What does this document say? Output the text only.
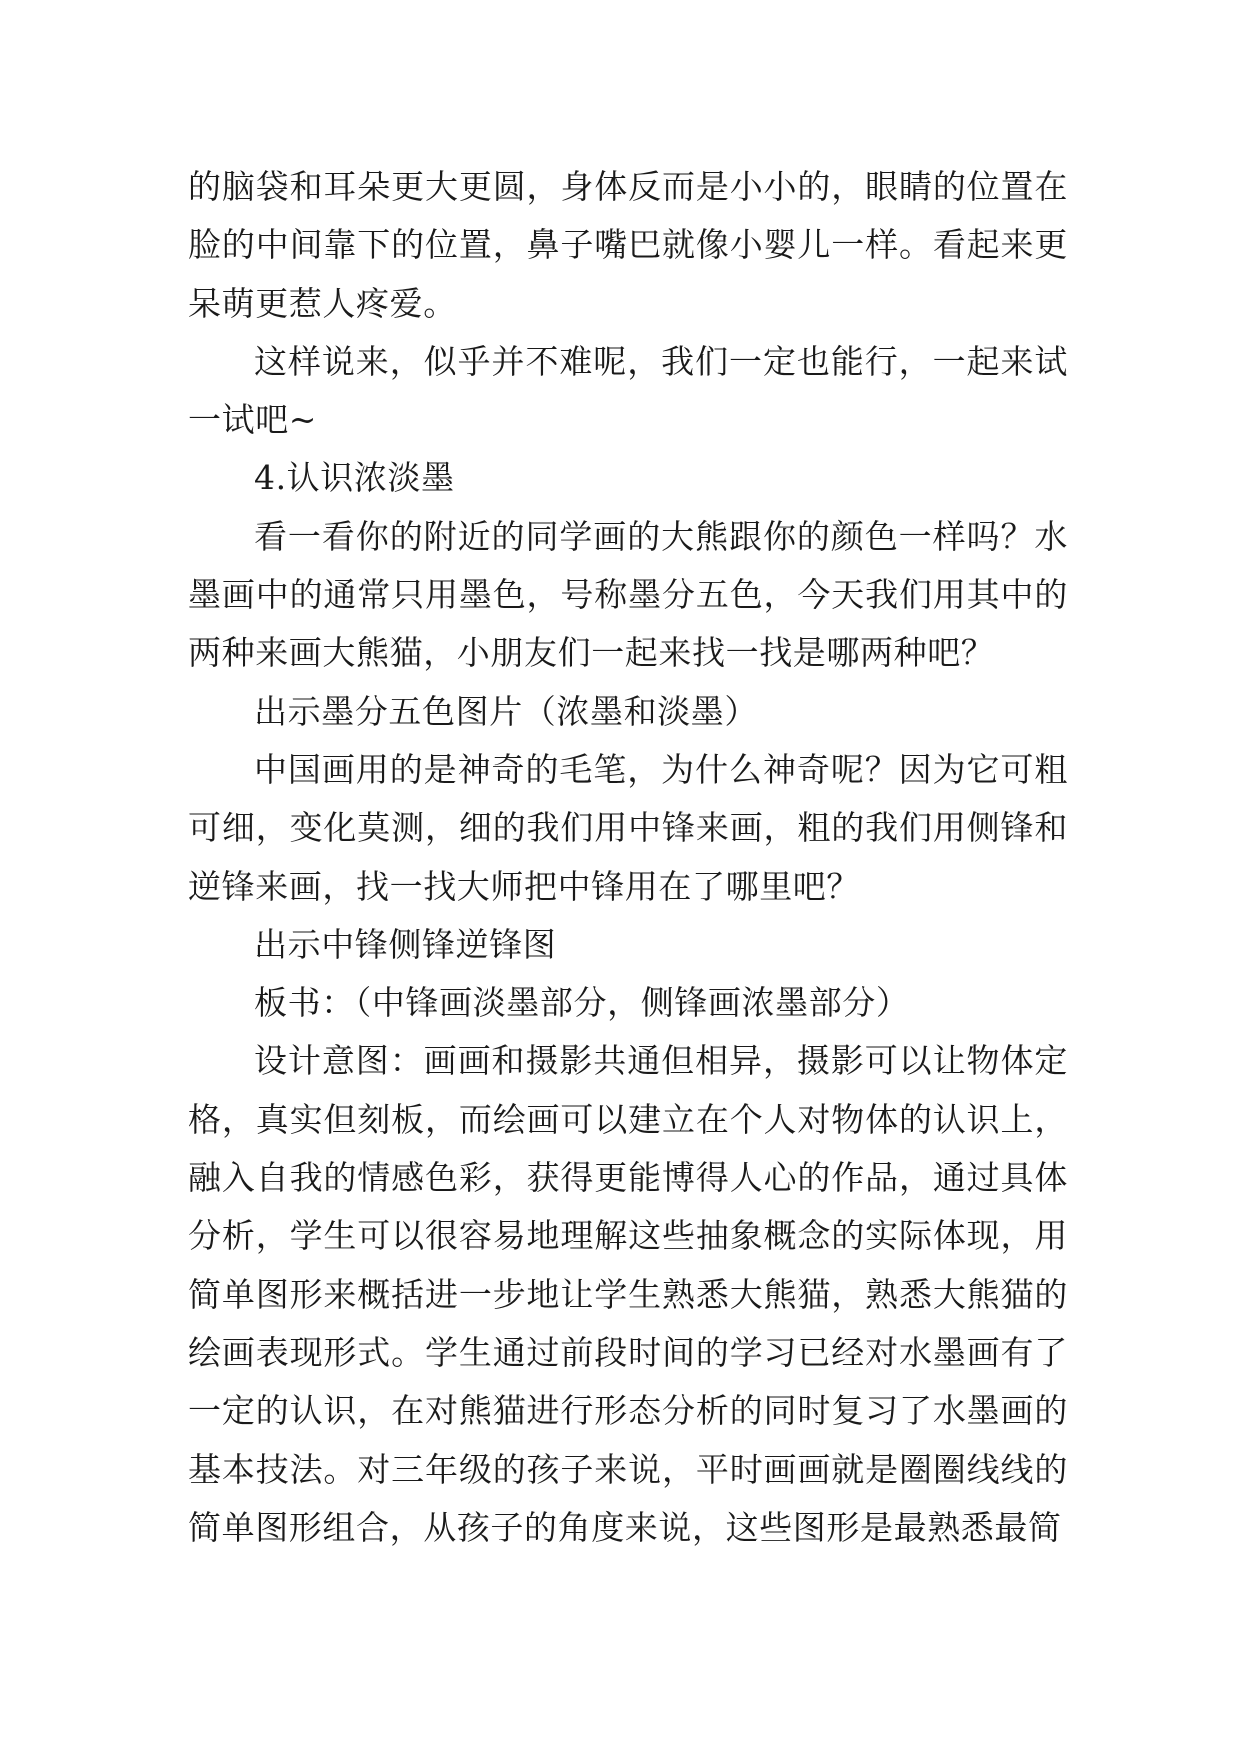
的脑袋和耳朵更大更圆，身体反而是小小的，眼睛的位置在脸的中间靠下的位置，鼻子嘴巴就像小婴儿一样。看起来更呆萌更惹人疼爱。

这样说来，似乎并不难呢，我们一定也能行，一起来试一试吧~

4.认识浓淡墨

看一看你的附近的同学画的大熊跟你的颜色一样吗？水墨画中的通常只用墨色，号称墨分五色，今天我们用其中的两种来画大熊猫，小朋友们一起来找一找是哪两种吧？

出示墨分五色图片（浓墨和淡墨）

中国画用的是神奇的毛笔，为什么神奇呢？因为它可粗可细，变化莫测，细的我们用中锋来画，粗的我们用侧锋和逆锋来画，找一找大师把中锋用在了哪里吧？

出示中锋侧锋逆锋图

板书：（中锋画淡墨部分，侧锋画浓墨部分）

设计意图：画画和摄影共通但相异，摄影可以让物体定格，真实但刻板，而绘画可以建立在个人对物体的认识上，融入自我的情感色彩，获得更能博得人心的作品，通过具体分析，学生可以很容易地理解这些抽象概念的实际体现，用简单图形来概括进一步地让学生熟悉大熊猫，熟悉大熊猫的绘画表现形式。学生通过前段时间的学习已经对水墨画有了一定的认识，在对熊猫进行形态分析的同时复习了水墨画的基本技法。对三年级的孩子来说，平时画画就是圈圈线线的简单图形组合，从孩子的角度来说，这些图形是最熟悉最简
